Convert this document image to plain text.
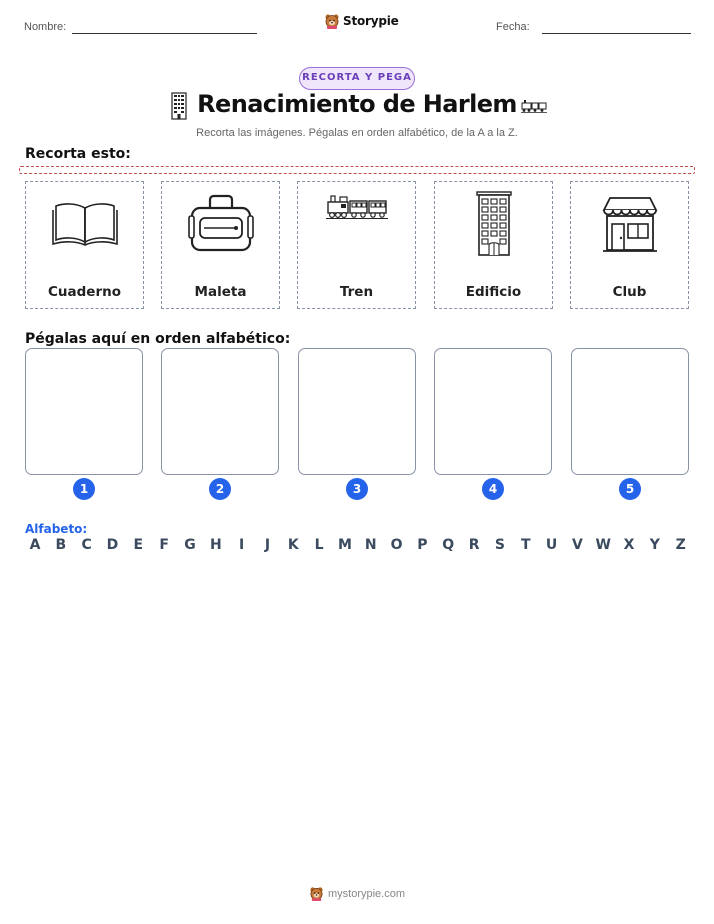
Nombre:	Storypie	Fecha:
RECORTA Y PEGA
Renacimiento de Harlem
Recorta las imágenes. Pégalas en orden alfabético, de la A a la Z.
Recorta esto:
Cuaderno	Maleta	Tren	Edificio	Club
Pégalas aquí en orden alfabético:
1	2	3	4	5
Alfabeto:
A B C D	E	F	G H	I	J	K	L	M N O P Q R S	T	U V W X Y Z
mystorypie.com
